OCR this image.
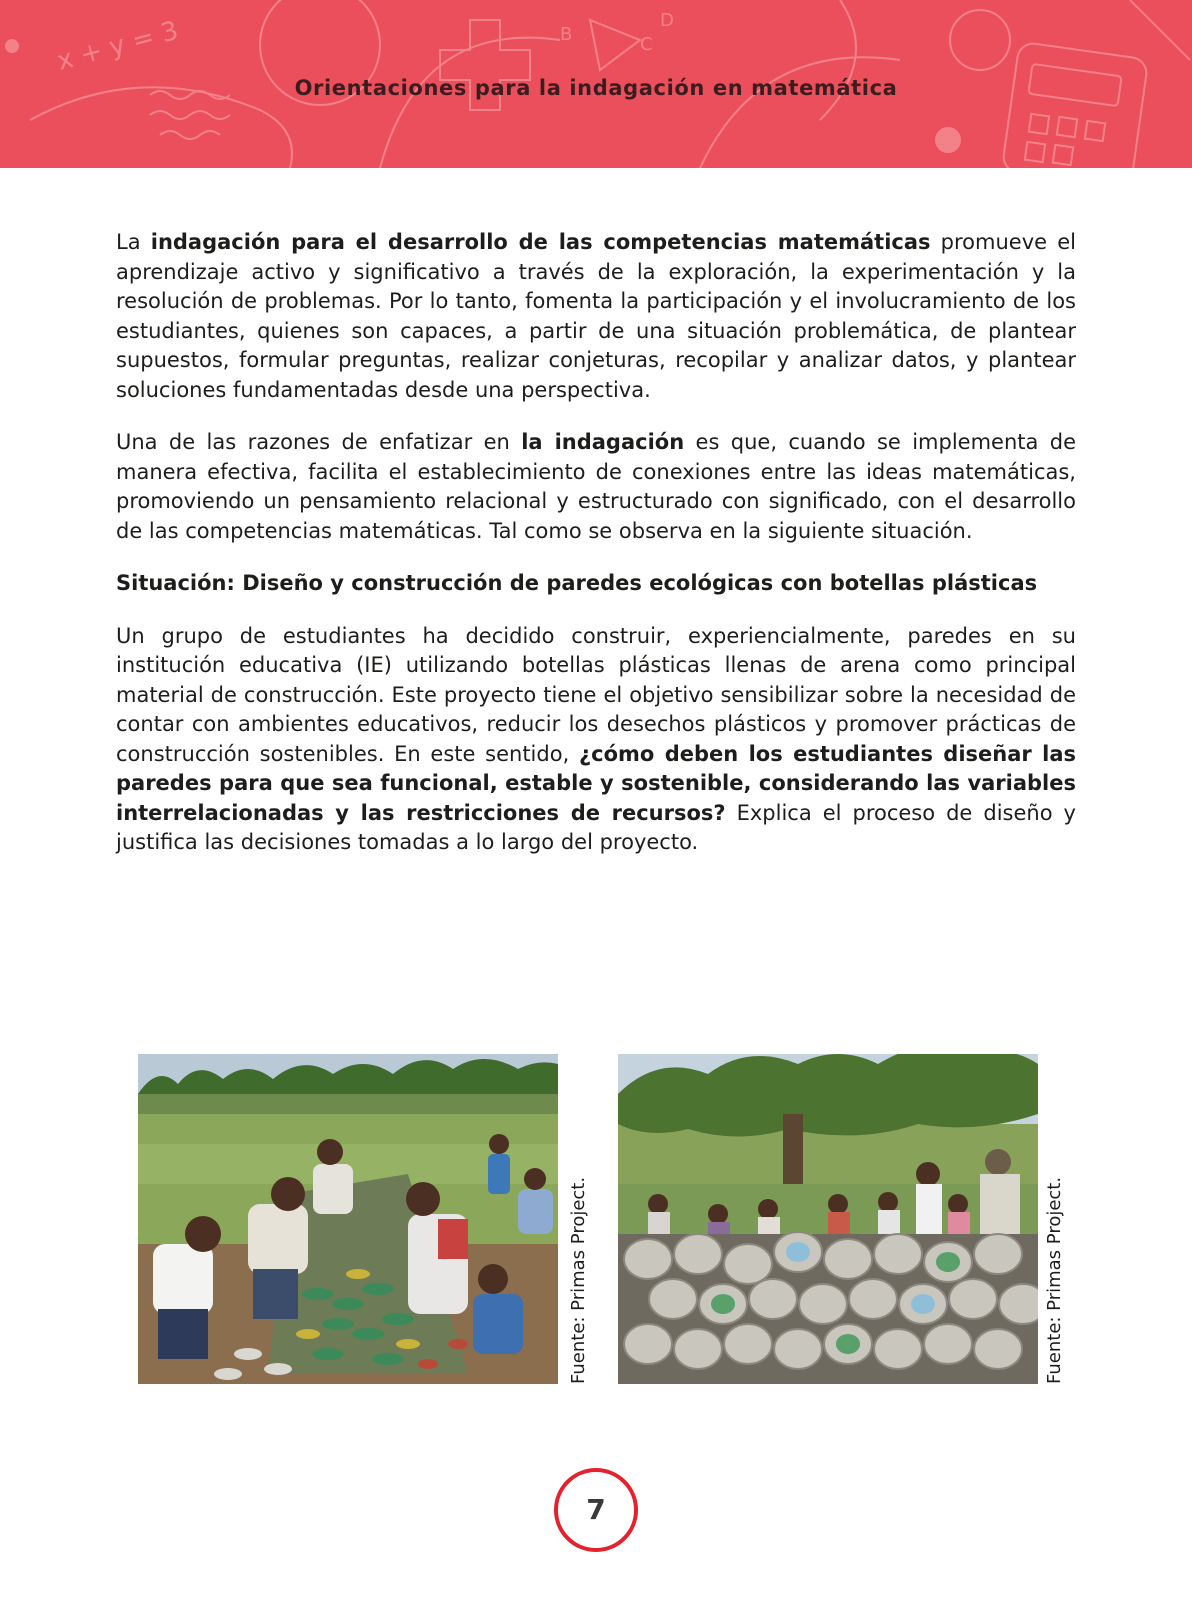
x + y = 3	B
D
C
Orientaciones para la indagación en matemática

La indagación para el desarrollo de las competencias matemáticas promueve el aprendizaje activo y significativo a través de la exploración, la experimentación y la resolución de problemas. Por lo tanto, fomenta la participación y el involucramiento de los estudiantes, quienes son capaces, a partir de una situación problemática, de plantear supuestos, formular preguntas, realizar conjeturas, recopilar y analizar datos, y plantear soluciones fundamentadas desde una perspectiva.

Una de las razones de enfatizar en la indagación es que, cuando se implementa de manera efectiva, facilita el establecimiento de conexiones entre las ideas matemáticas, promoviendo un pensamiento relacional y estructurado con significado, con el desarrollo de las competencias matemáticas. Tal como se observa en la siguiente situación.

Situación: Diseño y construcción de paredes ecológicas con botellas plásticas

Un grupo de estudiantes ha decidido construir, experiencialmente, paredes en su institución educativa (IE) utilizando botellas plásticas llenas de arena como principal material de construcción. Este proyecto tiene el objetivo sensibilizar sobre la necesidad de contar con ambientes educativos, reducir los desechos plásticos y promover prácticas de construcción sostenibles. En este sentido, ¿cómo deben los estudiantes diseñar las paredes para que sea funcional, estable y sostenible, considerando las variables interrelacionadas y las restricciones de recursos? Explica el proceso de diseño y justifica las decisiones tomadas a lo largo del proyecto.

Fuente: Primas Project.	Fuente: Primas Project.
7
